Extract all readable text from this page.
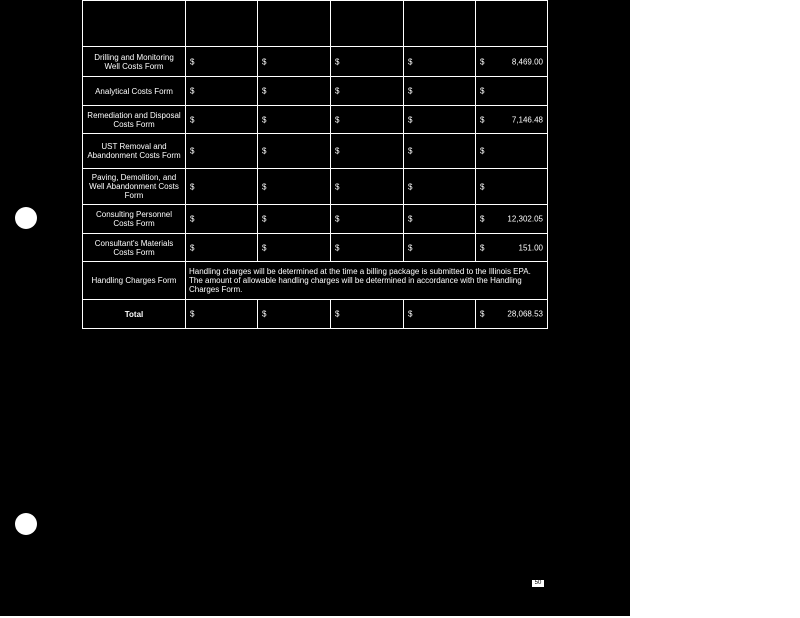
Drilling and Monitoring Well Costs Form	$	$	$	$	$ 8,469.00

Analytical Costs Form	$	$	$	$	$

Remediation and Disposal Costs Form	$	$	$	$	$ 7,146.48

UST Removal and Abandonment Costs Form	$	$	$	$	$

Paving, Demolition, and Well Abandonment Costs Form	$	$	$	$	$

Consulting Personnel Costs Form	$	$	$	$	$ 12,302.05

Consultant's Materials Costs Form	$	$	$	$	$ 151.00

Handling Charges Form	Handling charges will be determined at the time a billing package is submitted to the Illinois EPA. The amount of allowable handling charges will be determined in accordance with the Handling Charges Form.				
Total	$	$	$	$	$ 28,068.53
50
